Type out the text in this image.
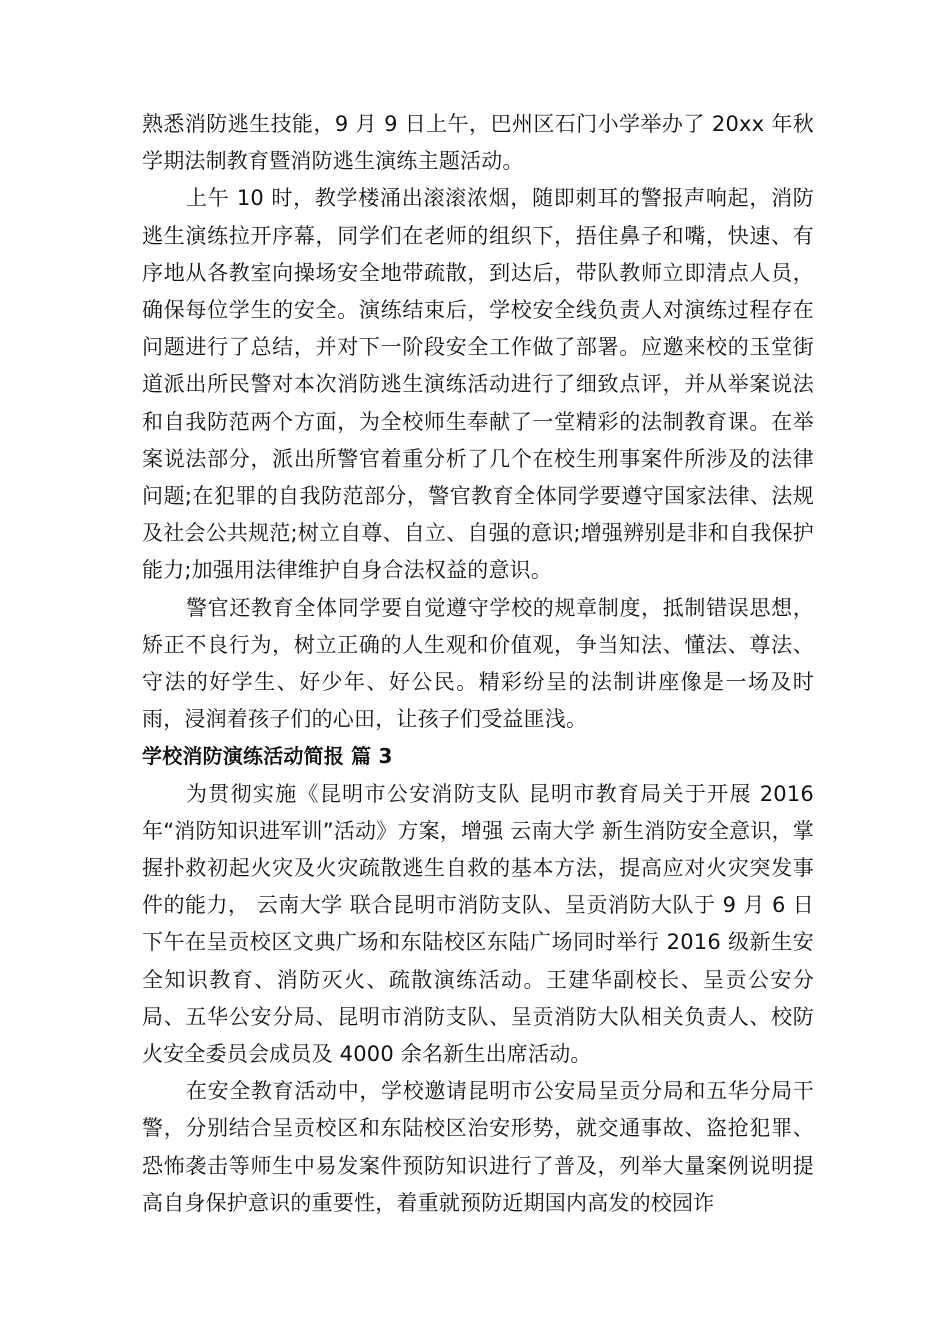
熟悉消防逃生技能，9 月 9 日上午，巴州区石门小学举办了 20xx 年秋学期法制教育暨消防逃生演练主题活动。

上午 10 时，教学楼涌出滚滚浓烟，随即刺耳的警报声响起，消防逃生演练拉开序幕，同学们在老师的组织下，捂住鼻子和嘴，快速、有序地从各教室向操场安全地带疏散，到达后，带队教师立即清点人员，确保每位学生的安全。演练结束后，学校安全线负责人对演练过程存在问题进行了总结，并对下一阶段安全工作做了部署。应邀来校的玉堂街道派出所民警对本次消防逃生演练活动进行了细致点评，并从举案说法和自我防范两个方面，为全校师生奉献了一堂精彩的法制教育课。在举案说法部分，派出所警官着重分析了几个在校生刑事案件所涉及的法律问题;在犯罪的自我防范部分，警官教育全体同学要遵守国家法律、法规及社会公共规范;树立自尊、自立、自强的意识;增强辨别是非和自我保护能力;加强用法律维护自身合法权益的意识。

警官还教育全体同学要自觉遵守学校的规章制度，抵制错误思想，矫正不良行为，树立正确的人生观和价值观，争当知法、懂法、尊法、守法的好学生、好少年、好公民。精彩纷呈的法制讲座像是一场及时雨，浸润着孩子们的心田，让孩子们受益匪浅。

学校消防演练活动简报 篇 3

为贯彻实施《昆明市公安消防支队 昆明市教育局关于开展 2016 年“消防知识进军训”活动》方案，增强 云南大学 新生消防安全意识，掌握扑救初起火灾及火灾疏散逃生自救的基本方法，提高应对火灾突发事件的能力， 云南大学 联合昆明市消防支队、呈贡消防大队于 9 月 6 日下午在呈贡校区文典广场和东陆校区东陆广场同时举行 2016 级新生安全知识教育、消防灭火、疏散演练活动。王建华副校长、呈贡公安分局、五华公安分局、昆明市消防支队、呈贡消防大队相关负责人、校防火安全委员会成员及 4000 余名新生出席活动。

在安全教育活动中，学校邀请昆明市公安局呈贡分局和五华分局干警，分别结合呈贡校区和东陆校区治安形势，就交通事故、盗抢犯罪、恐怖袭击等师生中易发案件预防知识进行了普及，列举大量案例说明提高自身保护意识的重要性，着重就预防近期国内高发的校园诈
